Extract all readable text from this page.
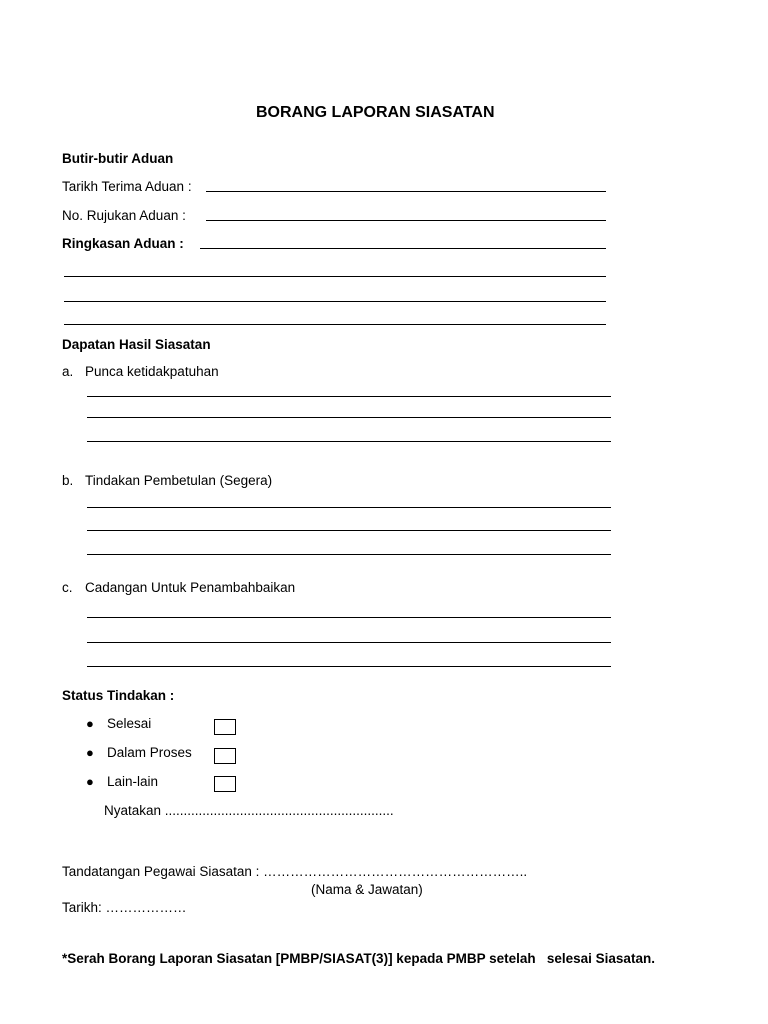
BORANG LAPORAN SIASATAN
Butir-butir Aduan
Tarikh Terima Aduan :
No. Rujukan Aduan :
Ringkasan Aduan :
Dapatan Hasil Siasatan
a. Punca ketidakpatuhan
b. Tindakan Pembetulan (Segera)
c. Cadangan Untuk Penambahbaikan
Status Tindakan :
● Selesai
● Dalam Proses
● Lain-lain
Nyatakan .............................................................
Tandatangan Pegawai Siasatan : …………………………………………………..
(Nama & Jawatan)
Tarikh: ………………
*Serah Borang Laporan Siasatan [PMBP/SIASAT(3)] kepada PMBP setelah   selesai Siasatan.
